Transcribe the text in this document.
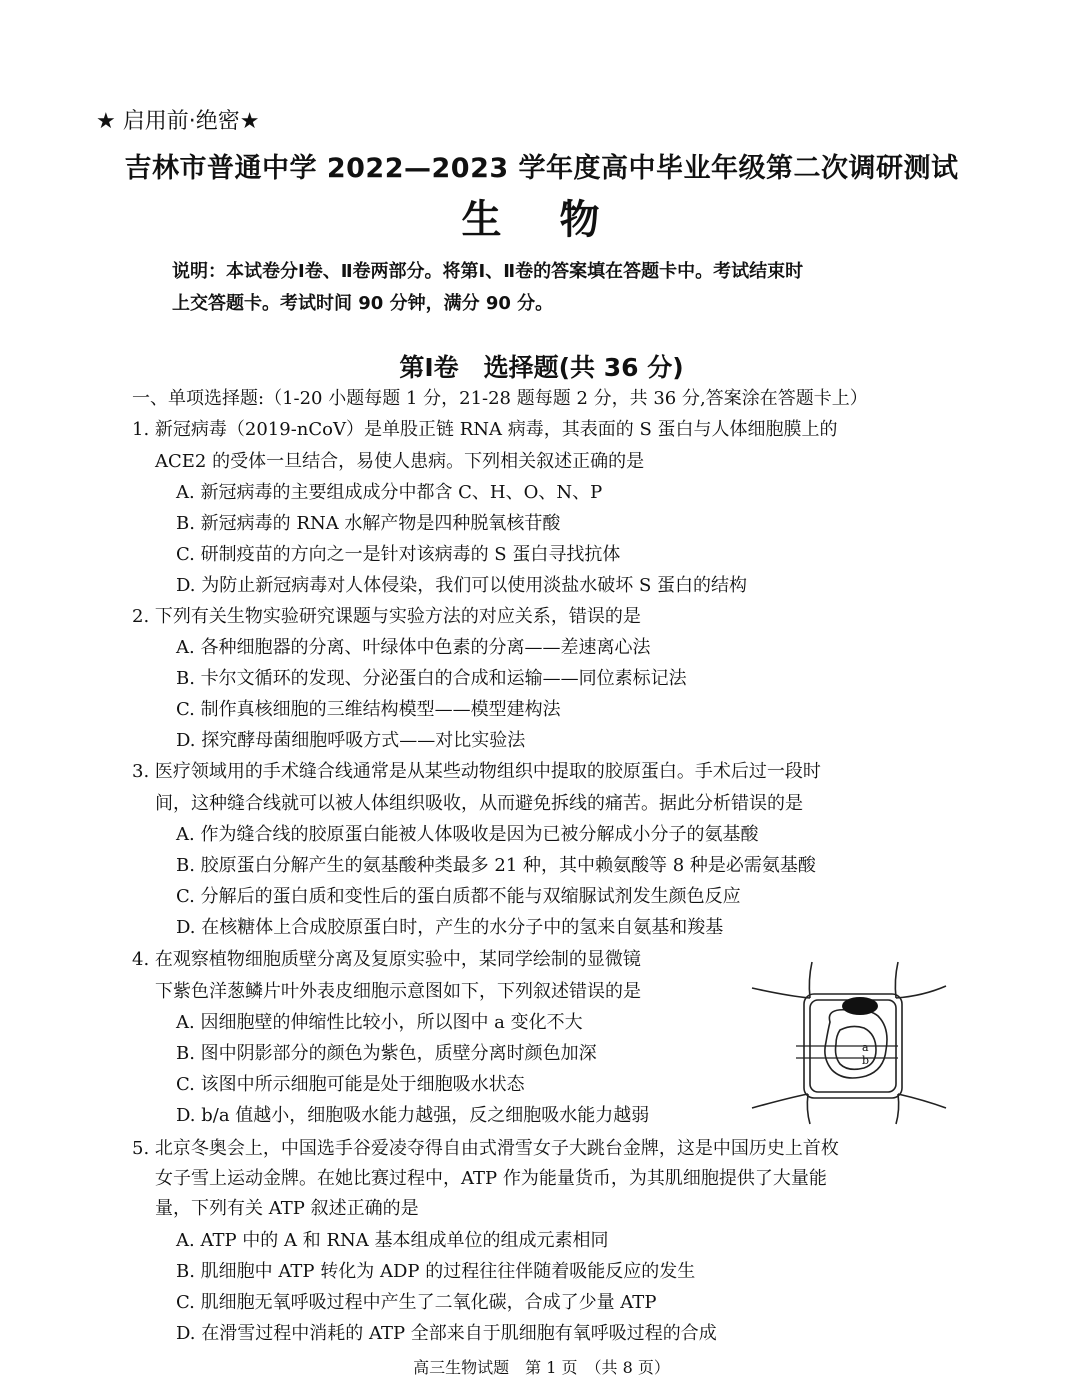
★ 启用前·绝密★
吉林市普通中学 2022—2023 学年度高中毕业年级第二次调研测试
生 物
说明：本试卷分Ⅰ卷、Ⅱ卷两部分。将第Ⅰ、Ⅱ卷的答案填在答题卡中。考试结束时
上交答题卡。考试时间 90 分钟，满分 90 分。
第Ⅰ卷　选择题(共 36 分)
一、单项选择题:（1-20 小题每题 1 分，21-28 题每题 2 分，共 36 分,答案涂在答题卡上）
1. 新冠病毒（2019-nCoV）是单股正链 RNA 病毒，其表面的 S 蛋白与人体细胞膜上的
ACE2 的受体一旦结合，易使人患病。下列相关叙述正确的是
A. 新冠病毒的主要组成成分中都含 C、H、O、N、P
B. 新冠病毒的 RNA 水解产物是四种脱氧核苷酸
C. 研制疫苗的方向之一是针对该病毒的 S 蛋白寻找抗体
D. 为防止新冠病毒对人体侵染，我们可以使用淡盐水破坏 S 蛋白的结构
2. 下列有关生物实验研究课题与实验方法的对应关系，错误的是
A. 各种细胞器的分离、叶绿体中色素的分离——差速离心法
B. 卡尔文循环的发现、分泌蛋白的合成和运输——同位素标记法
C. 制作真核细胞的三维结构模型——模型建构法
D. 探究酵母菌细胞呼吸方式——对比实验法
3. 医疗领域用的手术缝合线通常是从某些动物组织中提取的胶原蛋白。手术后过一段时
间，这种缝合线就可以被人体组织吸收，从而避免拆线的痛苦。据此分析错误的是
A. 作为缝合线的胶原蛋白能被人体吸收是因为已被分解成小分子的氨基酸
B. 胶原蛋白分解产生的氨基酸种类最多 21 种，其中赖氨酸等 8 种是必需氨基酸
C. 分解后的蛋白质和变性后的蛋白质都不能与双缩脲试剂发生颜色反应
D. 在核糖体上合成胶原蛋白时，产生的水分子中的氢来自氨基和羧基
4. 在观察植物细胞质壁分离及复原实验中，某同学绘制的显微镜
下紫色洋葱鳞片叶外表皮细胞示意图如下，下列叙述错误的是
A. 因细胞壁的伸缩性比较小，所以图中 a 变化不大
B. 图中阴影部分的颜色为紫色，质壁分离时颜色加深
C. 该图中所示细胞可能是处于细胞吸水状态
D. b/a 值越小，细胞吸水能力越强，反之细胞吸水能力越弱
a
b
5. 北京冬奥会上，中国选手谷爱凌夺得自由式滑雪女子大跳台金牌，这是中国历史上首枚
女子雪上运动金牌。在她比赛过程中，ATP 作为能量货币，为其肌细胞提供了大量能
量，下列有关 ATP 叙述正确的是
A. ATP 中的 A 和 RNA 基本组成单位的组成元素相同
B. 肌细胞中 ATP 转化为 ADP 的过程往往伴随着吸能反应的发生
C. 肌细胞无氧呼吸过程中产生了二氧化碳，合成了少量 ATP
D. 在滑雪过程中消耗的 ATP 全部来自于肌细胞有氧呼吸过程的合成
高三生物试题　第 1 页　（共 8 页）
